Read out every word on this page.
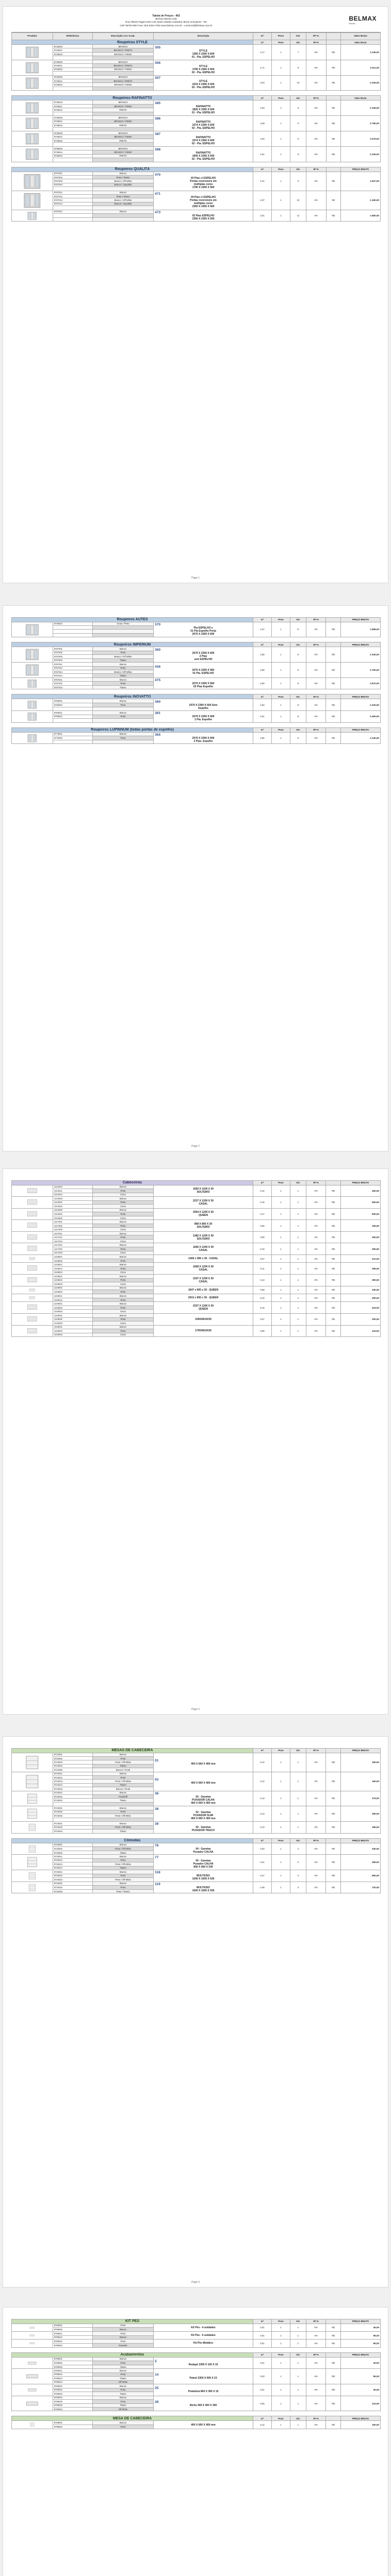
Tabela de Preços - 463
Belmax Móveis Ltda
Rua Alfredo Pagani Neto 140, Bairro Distrito Industrial, Bento Gonçalves - RS
CEP 95700-000 Fone: (54) 3454-7300 www.belmax.com.br - comercial@belmax.com.br
BELMAX
Móveis
Produto	Referência	Descrição Cor Acab.	Descrição	m³	Peso	Vol.	IPI %		Valor Bruto
Roupeiros STYLE				m³	Peso	Vol.	IPI %		Valor Bruto

	8726020	BRANCO	305
STYLE
1365 X 2300 X 600
01 - Pta. ESPELHO	2,17	1	7	0%	R$	2.145,00
	8726021	BRANCO / PRETO							
	8726022	BRANCO / FENDI							

	8726030	BRANCO	306
STYLE
1790 X 2300 X 600
02 - Pta. ESPELHO	2,71	1	9	0%	R$	2.611,00
	8726031	BRANCO / PRETO							
	8726032	BRANCO / FENDI							

	8726040	BRANCO	307
STYLE
2215 X 2300 X 600
02 - Pta. ESPELHO	3,04	1	10	0%	R$	3.105,00
	8726041	BRANCO / PRETO							
	8726042	BRANCO / FENDI							

Roupeiros RAFINATTO				m³	Peso	Vol.	IPI %		Valor Bruto

	8736010	BRANCO	385
RAFINATTO
1825 X 2300 X 600
01 - Pta. ESPELHO	2,83	1	8	0%	R$	2.335,00
	8736011	BRANCO / FENDI							
	8736012	PRETO							

	8736020	BRANCO	386
RAFINATTO
2274 X 2300 X 600
02 - Pta. ESPELHO	3,38	1	9	0%	R$	2.790,00
	8736021	BRANCO / FENDI							
	8736022	PRETO							

	8736030	BRANCO	387
RAFINATTO
2274 X 2300 X 600
02 - Pta. ESPELHO	3,40	1	9	0%	R$	3.075,00
	8736031	BRANCO / FENDI							
	8736032	PRETO							

	8736040	BRANCO	388
RAFINATTO
1600 X 2300 X 600
02 - Pta. ESPELHO	2,51	1	8	0%	R$	2.226,00
	8736041	BRANCO / FENDI							
	8736042	PRETO							

Roupeiros QUALITÁ				m³	Peso	Vol.	IPI %		PREÇO BRUTO

	8767001	Branco	470
03 Ptas c/ ESPELHO
Portas reversíveis em
múltiplas cores
1790 X 2300 X 560	2,41	1	9	0%	R$	1.837,00
	8767002	Preto / Titanio							
	8767003	Branco / Off White							
	8767004	Branco / Jequitibá							

	8767011	Branco	471
04 Ptas c/ ESPELHO
Portas reversíveis em
múltiplas cores
2350 X 2300 X 560	2,97	1	10	0%	R$	2.180,00
	8767012	Preto / Titanio							
	8767013	Branco / Off White							
	8767014	Branco / Jequitibá							

	8767021	Branco	473
02 Ptas ESPELHO
2350 X 2300 X 560	3,01	1	11	0%	R$	2.560,00

Page 1

Roupeiros AUTES				m³	Peso	Vol.	IPI %		PREÇO BRUTO

	8745010	Cinza / Preto	370
Pta ESPELHO e
01 Pta Espelho Porta
2070 X 2300 X 600	2,47	1	8	0%	R$	1.898,00

Roupeiros IMPERIUM				m³	Peso	Vol.	IPI %		PREÇO BRUTO

	8757001	Branco	360
2070 X 2300 X 600
2 Ptas
sem ESPELHO	2,58	1	8	0%	R$	2.340,00
	8757002	Preto							
	8757003	Branco / Off White							
	8757004	Titanio							

	8757011	Branco	436
2070 X 2300 X 560
01 Pta. ESPELHO	2,59	1	8	0%	R$	2.750,00
	8757012	Preto							
	8757013	Branco / Off White							
	8757014	Titanio							

	8757021	Branco	475
2070 X 2300 X 560
02 Ptas Espelho	2,60	1	8	0%	R$	2.870,00
	8757022	Preto							
	8757023	Titanio							

Roupeiros INOVATTO				m³	Peso	Vol.	IPI %		PREÇO BRUTO

	8765001	Branco	390
2070 X 2300 X 600 Sem
Espelho	2,50	1	8	0%	R$	2.230,00
	8765002	Preto							

	8765011	Branco	391
2070 X 2300 X 600
1 Pta. Espelho	2,51	1	8	0%	R$	2.490,00
	8765012	Preto							

Roupeiros LUPINNUM (todas portas de espelho)				m³	Peso	Vol.	IPI %		PREÇO BRUTO

	8775001	Branco	365
2070 X 2300 X 600
2 Ptas. Espelho	2,66	1	8	0%	R$	3.140,00
	8775002	Preto							

Page 2

Cabeceiras				m³	Peso	Vol.	IPI %		PREÇO BRUTO

	1314010	Branco	1650 X 1200 X 30
SOLTEIRO	0,12	1	1	0%	R$	460,00
	1314011	Preto							
	1314012	Cinza							

	1314020	Branco	2237 X 1200 X 30
CASAL	0,15	1	1	0%	R$	560,00
	1314021	Preto							
	1314022	Cinza							

	1314030	Branco	2564 X 1200 X 30
QUEEN	0,17	1	1	0%	R$	600,00
	1314031	Preto							
	1314032	Cinza							

	1317001	Branco	808 X 800 X 30
SOLTEIRO	0,05	1	1	0%	R$	155,00
	1317002	Preto							
	1317003	Cinza							

	1317011	Branco	1382 X 1200 X 30
SOLTEIRO	0,08	1	1	0%	R$	250,00
	1317012	Preto							
	1317013	Cinza							

	1317021	Branco	1656 X 1200 X 30
CASAL	0,10	1	1	0%	R$	290,00
	1317022	Preto							
	1317023	Cinza							

	1318001	Branco	1400 x 900 x 30 - CASAL	0,07	1	1	0%	R$	210,00
	1318002	Preto							

	1318011	Branco	1658 X 1200 X 30
CASAL	0,11	1	1	0%	R$	299,00
	1318012	Preto							
	1318013	Cinza							

	1318021	Branco	2337 X 1200 X 30
CASAL	0,14	1	1	0%	R$	390,00
	1318022	Preto							
	1318023	Cinza							

	1319001	Branco	1647 x 900 x 30 - QUEEN	0,08	1	1	0%	R$	240,00
	1319002	Preto							

	1319011	Branco	2010 x 900 x 30 - QUEEN	0,10	1	1	0%	R$	290,00
	1319012	Preto							

	1319021	Branco	2337 X 1200 X 30
QUEEN	0,15	1	1	0%	R$	415,00
	1319022	Preto							
	1319023	Cinza							

	1319031	Branco	1500X810X30	0,07	1	1	0%	R$	200,00
	1319032	Preto							
	1319033	Cinza							

	1319041	Branco	1700X810X30	0,08	1	1	0%	R$	215,00
	1319042	Preto							
	1319043	Cinza							
Page 3

MESAS DE CABECEIRA				m³	Peso	Vol.	IPI %		PREÇO BRUTO

	8724001	Branco	01
400 X 600 X 400 mm	0,12	1	1	0%	R$	160,00
	8724002	Preto							
	8724003	Preto / Off White							
	8724004	Titanio							
	8724005	Branco / Fendi							

	8724011	Branco	03
400 X 600 X 400 mm	0,12	1	1	0%	R$	160,00
	8724012	Preto							
	8724013	Preto / Off White							
	8724014	Titanio							
	8724015	Branco / Fendi							

	8724021	Branco	36
02 - Gavetas
PUXADOR CALHA
400 X 600 X 400 mm	0,13	1	1	0%	R$	175,00
	8724022	Preto/Off							
	8724023	Titanio							

	8724031	Branco	38
02 - Gavetas
PUXADOR SLIM
400 X 600 X 400 mm	0,13	1	1	0%	R$	180,00
	8724032	Preto							
	8724033	Preto / Off White							

	8724041	Branco	39
02 - Gavetas
PUXADOR TRACO	0,13	1	1	0%	R$	185,00
	8724042	Preto / Off White							
	8724043	Titanio							

Cômodas				m³	Peso	Vol.	IPI %		PREÇO BRUTO

	8734001	Branco	76
04 - Gavetas
Puxador CALHA	0,33	1	2	0%	R$	430,00
	8734002	Preto / Off White							
	8734003	Titanio							

	8734011	Branco	77
05 - Gavetas
Puxador CALHA
800 X 960 X 530	0,41	1	2	0%	R$	495,00
	8734012	Preto							
	8734013	Preto / Off White							
	8734014	Titanio							

	8734021	Branco	118
MULTIUSO
1000 X 1000 X 530	0,47	1	3	0%	R$	690,00
	8734022	Preto							
	8734023	Preto / Off White							

	8734031	Branco	119
MULTIUSO
1000 X 1000 X 530	0,48	1	3	0%	R$	720,00
	8734032	Preto							
	8734033	Preto / Titanio							
Page 4

KIT PÉS				m³	Peso	Vol.	IPI %		PREÇO BRUTO

	8780001	Preto	Kit Pés - 4 unidades	0,01	1	1	0%	R$	45,00
	8780002	Branco							

	8780011	Preto	Kit Pés - 6 unidades	0,01	1	1	0%	R$	58,00
	8780012	Branco							

	8780021	Preto	Kit Pés Metálico	0,01	1	1	0%	R$	85,00
	8780022	Dourado							

Acabamentos				m³	Peso	Vol.	IPI %		PREÇO BRUTO

	8790001	Branco	5
Rodapé 2300 X 100 X 15	0,01	1	1	0%	R$	40,00
	8790002	Preto							
	8790003	Titanio							

	8790011	Branco	14
Painel 2300 X 600 X 15	0,03	1	1	0%	R$	95,00
	8790012	Preto							
	8790013	Titanio							
	8790014	Off White							

	8790021	Branco	25
Prateleira 800 X 300 X 15	0,01	1	1	0%	R$	35,00
	8790022	Preto							
	8790023	Titanio							

	8790031	Branco	28
Nicho 400 X 400 X 300	0,05	1	1	0%	R$	110,00
	8790032	Preto							
	8790033	Titanio							
	8790034	Off White							

MESA DE CABECEIRA				m³	Peso	Vol.	IPI %		PREÇO BRUTO

	8799001	Branco	400 X 600 X 400 mm	0,12	1	1	0%	R$	160,00
	8799002	Preto							
